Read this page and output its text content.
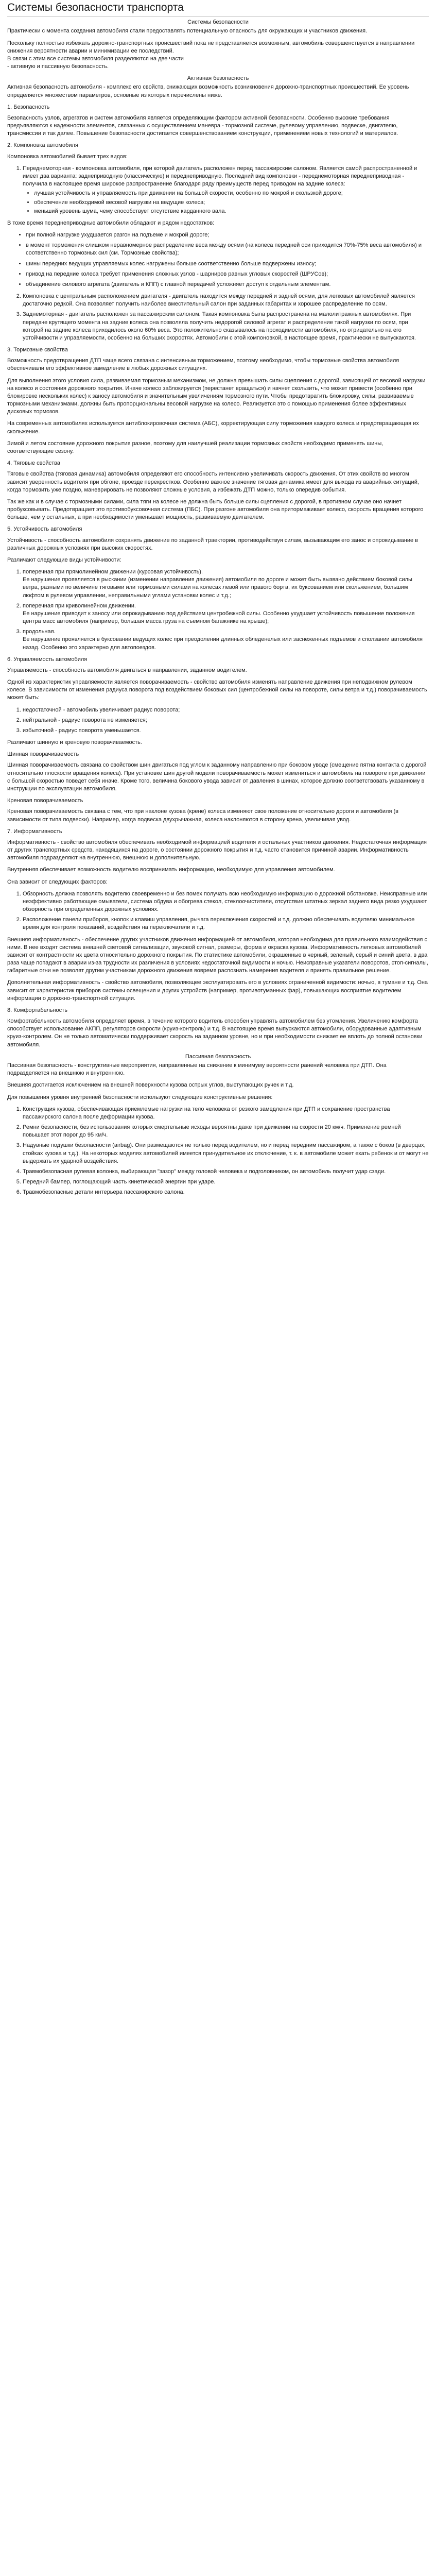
Системы безопасности транспорта

Системы безопасности

Практически с момента создания автомобиля стали предоставлять потенциальную опасность для окружающих и участников движения.

Поскольку полностью избежать дорожно-транспортных происшествий пока не представляется возможным, автомобиль совершенствуется в направлении снижения вероятности аварии и минимизации ее последствий.
В связи с этим все системы автомобиля разделяются на две части
- активную и пассивную безопасность.

Активная безопасность

Активная безопасность автомобиля - комплекс его свойств, снижающих возможность возникновения дорожно-транспортных происшествий. Ее уровень определяется множеством параметров, основные из которых перечислены ниже.

1. Безопасность

Безопасность узлов, агрегатов и систем автомобиля является определяющим фактором активной безопасности. Особенно высокие требования предъявляются к надежности элементов, связанных с осуществлением маневра - тормозной системе, рулевому управлению, подвеске, двигателю, трансмиссии и так далее. Повышение безопасности достигается совершенствованием конструкции, применением новых технологий и материалов.

2. Компоновка автомобиля

Компоновка автомобилей бывает трех видов:

1. Переднемоторная - компоновка автомобиля, при которой двигатель расположен перед пассажирским салоном. Является самой распространенной и имеет два варианта: заднеприводную (классическую) и переднеприводную. Последний вид компоновки - переднемоторная переднеприводная - получила в настоящее время широкое распространение благодаря ряду преимуществ перед приводом на задние колеса:
• лучшая устойчивость и управляемость при движении на большой скорости, особенно по мокрой и скользкой дороге;
• обеспечение необходимой весовой нагрузки на ведущие колеса;
• меньший уровень шума, чему способствует отсутствие карданного вала.

В тоже время переднеприводные автомобили обладают и рядом недостатков:

• при полной нагрузке ухудшается разгон на подъеме и мокрой дороге;
• в момент торможения слишком неравномерное распределение веса между осями (на колеса передней оси приходится 70%-75% веса автомобиля) и соответственно тормозных сил (см. Тормозные свойства);
• шины передних ведущих управляемых колес нагружены больше соответственно больше подвержены износу;
• привод на передние колеса требует применения сложных узлов - шарниров равных угловых скоростей (ШРУСов);
• объединение силового агрегата (двигатель и КПП) с главной передачей усложняет доступ к отдельным элементам.
2. Компоновка с центральным расположением двигателя - двигатель находится между передней и задней осями, для легковых автомобилей является достаточно редкой. Она позволяет получить наиболее вместительный салон при заданных габаритах и хорошее распределение по осям.
3. Заднемоторная - двигатель расположен за пассажирским салоном. Такая компоновка была распространена на малолитражных автомобилях. При передаче крутящего момента на задние колеса она позволяла получить недорогой силовой агрегат и распределение такой нагрузки по осям, при которой на задние колеса приходилось около 60% веса. Это положительно сказывалось на проходимости автомобиля, но отрицательно на его устойчивости и управляемости, особенно на больших скоростях. Автомобили с этой компоновкой, в настоящее время, практически не выпускаются.

3. Тормозные свойства

Возможность предотвращения ДТП чаще всего связана с интенсивным торможением, поэтому необходимо, чтобы тормозные свойства автомобиля обеспечивали его эффективное замедление в любых дорожных ситуациях.

Для выполнения этого условия сила, развиваемая тормозным механизмом, не должна превышать силы сцепления с дорогой, зависящей от весовой нагрузки на колесо и состояния дорожного покрытия. Иначе колесо заблокируется (перестанет вращаться) и начнет скользить, что может привести (особенно при блокировке нескольких колес) к заносу автомобиля и значительным увеличениям тормозного пути. Чтобы предотвратить блокировку, силы, развиваемые тормозными механизмами, должны быть пропорциональны весовой нагрузке на колесо. Реализуется это с помощью применения более эффективных дисковых тормозов.

На современных автомобилях используется антиблокировочная система (АБС), корректирующая силу торможения каждого колеса и предотвращающая их скольжение.

Зимой и летом состояние дорожного покрытия разное, поэтому для наилучшей реализации тормозных свойств необходимо применять шины, соответствующие сезону.

4. Тяговые свойства

Тяговые свойства (тяговая динамика) автомобиля определяют его способность интенсивно увеличивать скорость движения. От этих свойств во многом зависит уверенность водителя при обгоне, проезде перекрестков. Особенно важное значение тяговая динамика имеет для выхода из аварийных ситуаций, когда тормозить уже поздно, маневрировать не позволяют сложные условия, а избежать ДТП можно, только опередив события.

Так же как и в случае с тормозными силами, сила тяги на колесе не должна быть больше силы сцепления с дорогой, в противном случае оно начнет пробуксовывать. Предотвращает это противобуксовочная система (ПБС). При разгоне автомобиля она притормаживает колесо, скорость вращения которого больше, чем у остальных, а при необходимости уменьшает мощность, развиваемую двигателем.

5. Устойчивость автомобиля

Устойчивость - способность автомобиля сохранять движение по заданной траектории, противодействуя силам, вызывающим его занос и опрокидывание в различных дорожных условиях при высоких скоростях.

Различают следующие виды устойчивости:

1. поперечная при прямолинейном движении (курсовая устойчивость).
Ее нарушение проявляется в рыскании (изменении направления движения) автомобиля по дороге и может быть вызвано действием боковой силы ветра, разными по величине тяговыми или тормозными силами на колесах левой или правого борта, их буксованием или скольжением, большим люфтом в рулевом управлении, неправильными углами установки колес и т.д.;
2. поперечная при криволинейном движении.
Ее нарушение приводит к заносу или опрокидыванию под действием центробежной силы. Особенно ухудшает устойчивость повышение положения центра масс автомобиля (например, большая масса груза на съемном багажнике на крыше);
3. продольная.
Ее нарушение проявляется в буксовании ведущих колес при преодолении длинных обледенелых или заснеженных подъемов и сползании автомобиля назад. Особенно это характерно для автопоездов.

6. Управляемость автомобиля

Управляемость - способность автомобиля двигаться в направлении, заданном водителем.

Одной из характеристик управляемости является поворачиваемость - свойство автомобиля изменять направление движения при неподвижном рулевом колесе. В зависимости от изменения радиуса поворота под воздействием боковых сил (центробежной силы на повороте, силы ветра и т.д.) поворачиваемость может быть:

1. недостаточной - автомобиль увеличивает радиус поворота;
2. нейтральной - радиус поворота не изменяется;
3. избыточной - радиус поворота уменьшается.

Различают шинную и креновую поворачиваемость.

Шинная поворачиваемость

Шинная поворачиваемость связана со свойством шин двигаться под углом к заданному направлению при боковом уводе (смещение пятна контакта с дорогой относительно плоскости вращения колеса). При установке шин другой модели поворачиваемость может измениться и автомобиль на повороте при движении с большой скоростью поведет себя иначе. Кроме того, величина бокового увода зависит от давления в шинах, которое должно соответствовать указанному в инструкции по эксплуатации автомобиля.

Креновая поворачиваемость

Креновая поворачиваемость связана с тем, что при наклоне кузова (крене) колеса изменяют свое положение относительно дороги и автомобиля (в зависимости от типа подвески). Например, когда подвеска двухрычажная, колеса наклоняются в сторону крена, увеличивая увод.

7. Информативность

Информативность - свойство автомобиля обеспечивать необходимой информацией водителя и остальных участников движения. Недостаточная информация от других транспортных средств, находящихся на дороге, о состоянии дорожного покрытия и т.д. часто становится причиной аварии. Информативность автомобиля подразделяют на внутреннюю, внешнюю и дополнительную.

Внутренняя обеспечивает возможность водителю воспринимать информацию, необходимую для управления автомобилем.

Она зависит от следующих факторов:

1. Обзорность должна позволять водителю своевременно и без помех получать всю необходимую информацию о дорожной обстановке. Неисправные или неэффективно работающие омыватели, система обдува и обогрева стекол, стеклоочистители, отсутствие штатных зеркал заднего вида резко ухудшают обзорность при определенных дорожных условиях.
2. Расположение панели приборов, кнопок и клавиш управления, рычага переключения скоростей и т.д. должно обеспечивать водителю минимальное время для контроля показаний, воздействия на переключатели и т.д.

Внешняя информативность - обеспечение других участников движения информацией от автомобиля, которая необходима для правильного взаимодействия с ними. В нее входят система внешней световой сигнализации, звуковой сигнал, размеры, форма и окраска кузова. Информативность легковых автомобилей зависит от контрастности их цвета относительно дорожного покрытия. По статистике автомобили, окрашенные в черный, зеленый, серый и синий цвета, в два раза чаще попадают в аварии из-за трудности их различения в условиях недостаточной видимости и ночью. Неисправные указатели поворотов, стоп-сигналы, габаритные огни не позволят другим участникам дорожного движения вовремя распознать намерения водителя и принять правильное решение.

Дополнительная информативность - свойство автомобиля, позволяющее эксплуатировать его в условиях ограниченной видимости: ночью, в тумане и т.д. Она зависит от характеристик приборов системы освещения и других устройств (например, противотуманных фар), повышающих восприятие водителем информации о дорожно-транспортной ситуации.

8. Комфортабельность

Комфортабельность автомобиля определяет время, в течение которого водитель способен управлять автомобилем без утомления. Увеличению комфорта способствует использование АКПП, регуляторов скорости (круиз-контроль) и т.д. В настоящее время выпускаются автомобили, оборудованные адаптивным круиз-контролем. Он не только автоматически поддерживает скорость на заданном уровне, но и при необходимости снижает ее вплоть до полной остановки автомобиля.

Пассивная безопасность

Пассивная безопасность - конструктивные мероприятия, направленные на снижение к минимуму вероятности ранений человека при ДТП. Она подразделяется на внешнюю и внутреннюю.

Внешняя достигается исключением на внешней поверхности кузова острых углов, выступающих ручек и т.д.

Для повышения уровня внутренней безопасности используют следующие конструктивные решения:

1. Конструкция кузова, обеспечивающая приемлемые нагрузки на тело человека от резкого замедления при ДТП и сохранение пространства пассажирского салона после деформации кузова.
2. Ремни безопасности, без использования которых смертельные исходы вероятны даже при движении на скорости 20 км/ч. Применение ремней повышает этот порог до 95 км/ч.
3. Надувные подушки безопасности (airbag). Они размещаются не только перед водителем, но и перед передним пассажиром, а также с боков (в дверцах, стойках кузова и т.д.). На некоторых моделях автомобилей имеется принудительное их отключение, т. к. в автомобиле может ехать ребенок и от могут не выдержать их ударной воздействия.
4. Травмобезопасная рулевая колонка, выбирающая "зазор" между головой человека и подголовником, он автомобиль получит удар сзади.
5. Передний бампер, поглощающий часть кинетической энергии при ударе.
6. Травмобезопасные детали интерьера пассажирского салона.
